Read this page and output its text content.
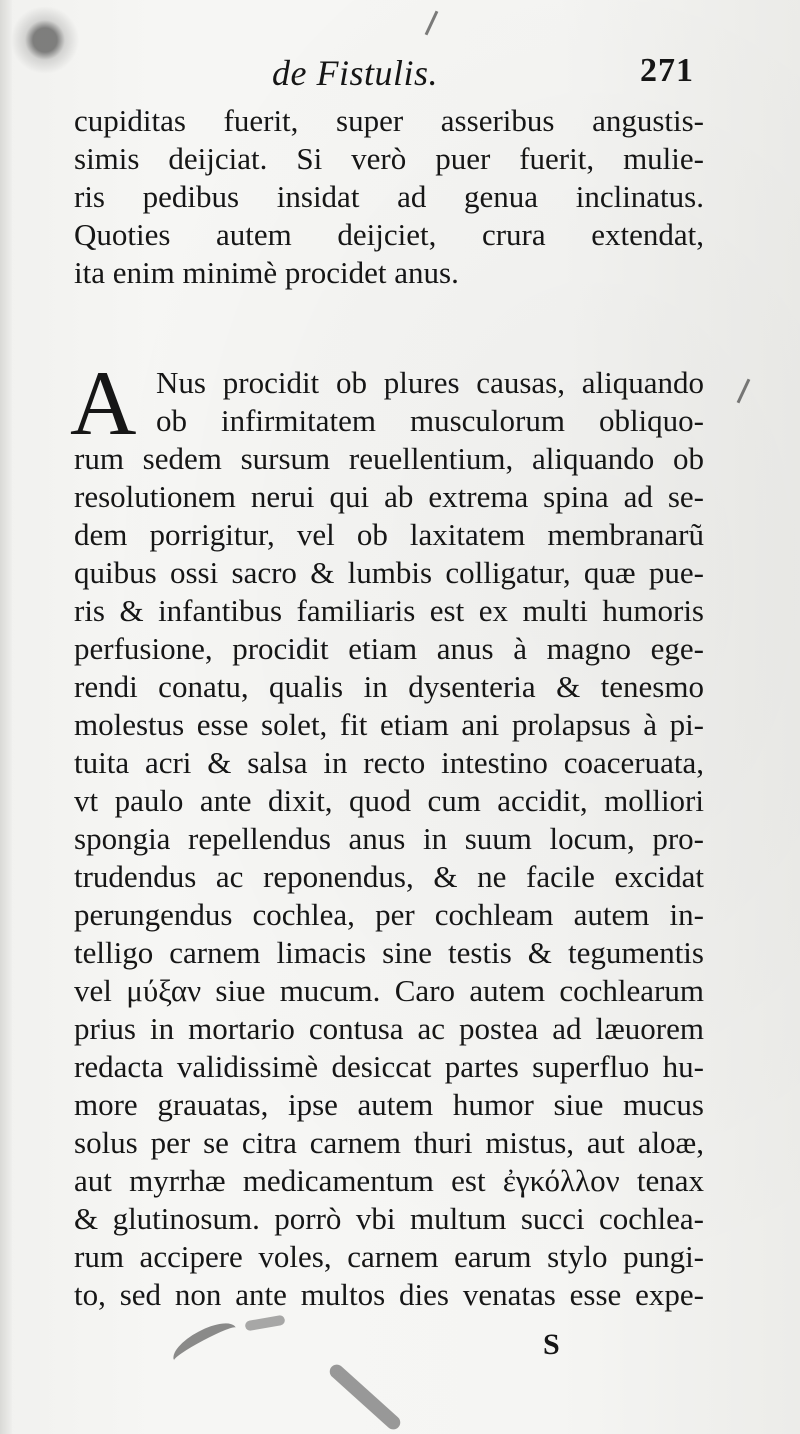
de Fistulis.	271
cupiditas fuerit, super asseribus angustis-
simis deijciat. Si verò puer fuerit, mulie-
ris pedibus insidat ad genua inclinatus.
Quoties autem deijciet, crura extendat,
ita enim minimè procidet anus.
A Nus procidit ob plures causas, aliquando
ob infirmitatem musculorum obliquo-
rum sedem sursum reuellentium, aliquando ob
resolutionem nerui qui ab extrema spina ad se-
dem porrigitur, vel ob laxitatem membranarũ
quibus ossi sacro & lumbis colligatur, quæ pue-
ris & infantibus familiaris est ex multi humoris
perfusione, procidit etiam anus à magno ege-
rendi conatu, qualis in dysenteria & tenesmo
molestus esse solet, fit etiam ani prolapsus à pi-
tuita acri & salsa in recto intestino coaceruata,
vt paulo ante dixit, quod cum accidit, molliori
spongia repellendus anus in suum locum, pro-
trudendus ac reponendus, & ne facile excidat
perungendus cochlea, per cochleam autem in-
telligo carnem limacis sine testis & tegumentis
vel μύξαν siue mucum. Caro autem cochlearum
prius in mortario contusa ac postea ad læuorem
redacta validissimè desiccat partes superfluo hu-
more grauatas, ipse autem humor siue mucus
solus per se citra carnem thuri mistus, aut aloæ,
aut myrrhæ medicamentum est ἐγκόλλον tenax
& glutinosum. porrò vbi multum succi cochlea-
rum accipere voles, carnem earum stylo pungi-
to, sed non ante multos dies venatas esse expe-
S
